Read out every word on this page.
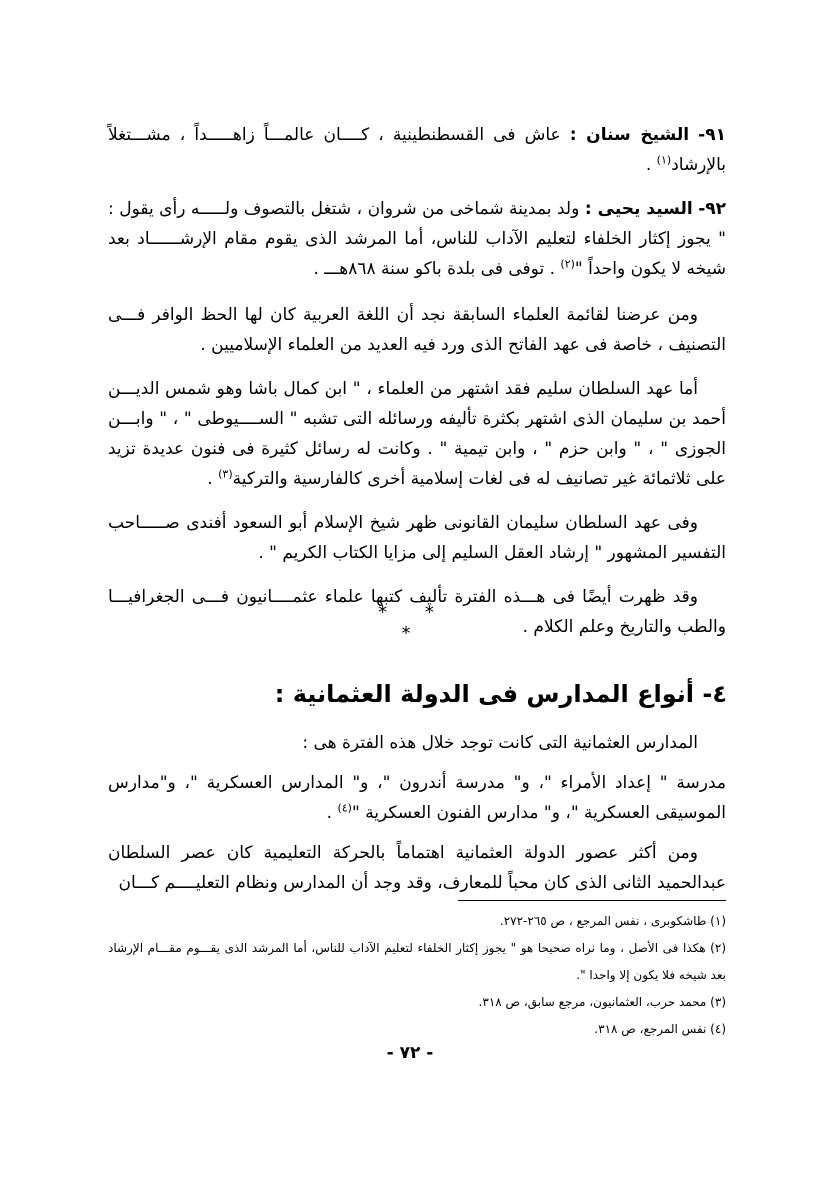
٩١- الشيخ سنان : عاش فى القسطنطينية ، كــــان عالمـــاً زاهـــــداً ، مشـــتغلاً بالإرشاد$^{(١)}$ .

٩٢- السيد يحيى : ولد بمدينة شماخى من شروان ، شتغل بالتصوف ولـــــه رأى يقول : " يجوز إكثار الخلفاء لتعليم الآداب للناس، أما المرشد الذى يقوم مقام الإرشــــــاد بعد شيخه لا يكون واحداً "$^{(٢)}$ . توفى فى بلدة باكو سنة ٨٦٨هـــ .

ومن عرضنا لقائمة العلماء السابقة نجد أن اللغة العربية كان لها الحظ الوافر فـــى التصنيف ، خاصة فى عهد الفاتح الذى ورد فيه العديد من العلماء الإسلاميين .

أما عهد السلطان سليم فقد اشتهر من العلماء ، " ابن كمال باشا وهو شمس الديـــن أحمد بن سليمان الذى اشتهر بكثرة تأليفه ورسائله التى تشبه " الســــيوطى " ، " وابـــن الجوزى " ، " وابن حزم " ، وابن تيمية " . وكانت له رسائل كثيرة فى فنون عديدة تزيد على ثلاثمائة غير تصانيف له فى لغات إسلامية أخرى كالفارسية والتركية$^{(٣)}$ .

وفى عهد السلطان سليمان القانونى ظهر شيخ الإسلام أبو السعود أفندى صـــــاحب التفسير المشهور " إرشاد العقل السليم إلى مزايا الكتاب الكريم " .

وقد ظهرت أيضًا فى هـــذه الفترة تأليف كتبها علماء عثمــــانيون فـــى الجغرافيـــا والطب والتاريخ وعلم الكلام .

* * *
٤- أنواع المدارس فى الدولة العثمانية :

المدارس العثمانية التى كانت توجد خلال هذه الفترة هى :

مدرسة " إعداد الأمراء "، و" مدرسة أندرون "، و" المدارس العسكرية "، و"مدارس الموسيقى العسكرية "، و" مدارس الفنون العسكرية "$^{(٤)}$ .

ومن أكثر عصور الدولة العثمانية اهتماماً بالحركة التعليمية كان عصر السلطان عبدالحميد الثانى الذى كان محباً للمعارف، وقد وجد أن المدارس ونظام التعليــــم كـــان

(١) طاشكوبرى ، نفس المرجع ، ص ٢٦٥-٢٧٢.

(٢) هكذا فى الأصل ، وما نراه صحيحا هو " يجوز إكثار الخلفاء لتعليم الآداب للناس، أما المرشد الذى يقـــوم مقـــام الإرشاد بعد شيخه فلا يكون إلا واحدا ".

(٣) محمد حرب، العثمانيون، مرجع سابق، ص ٣١٨.

(٤) نفس المرجع، ص ٣١٨.

- ٧٢ -
